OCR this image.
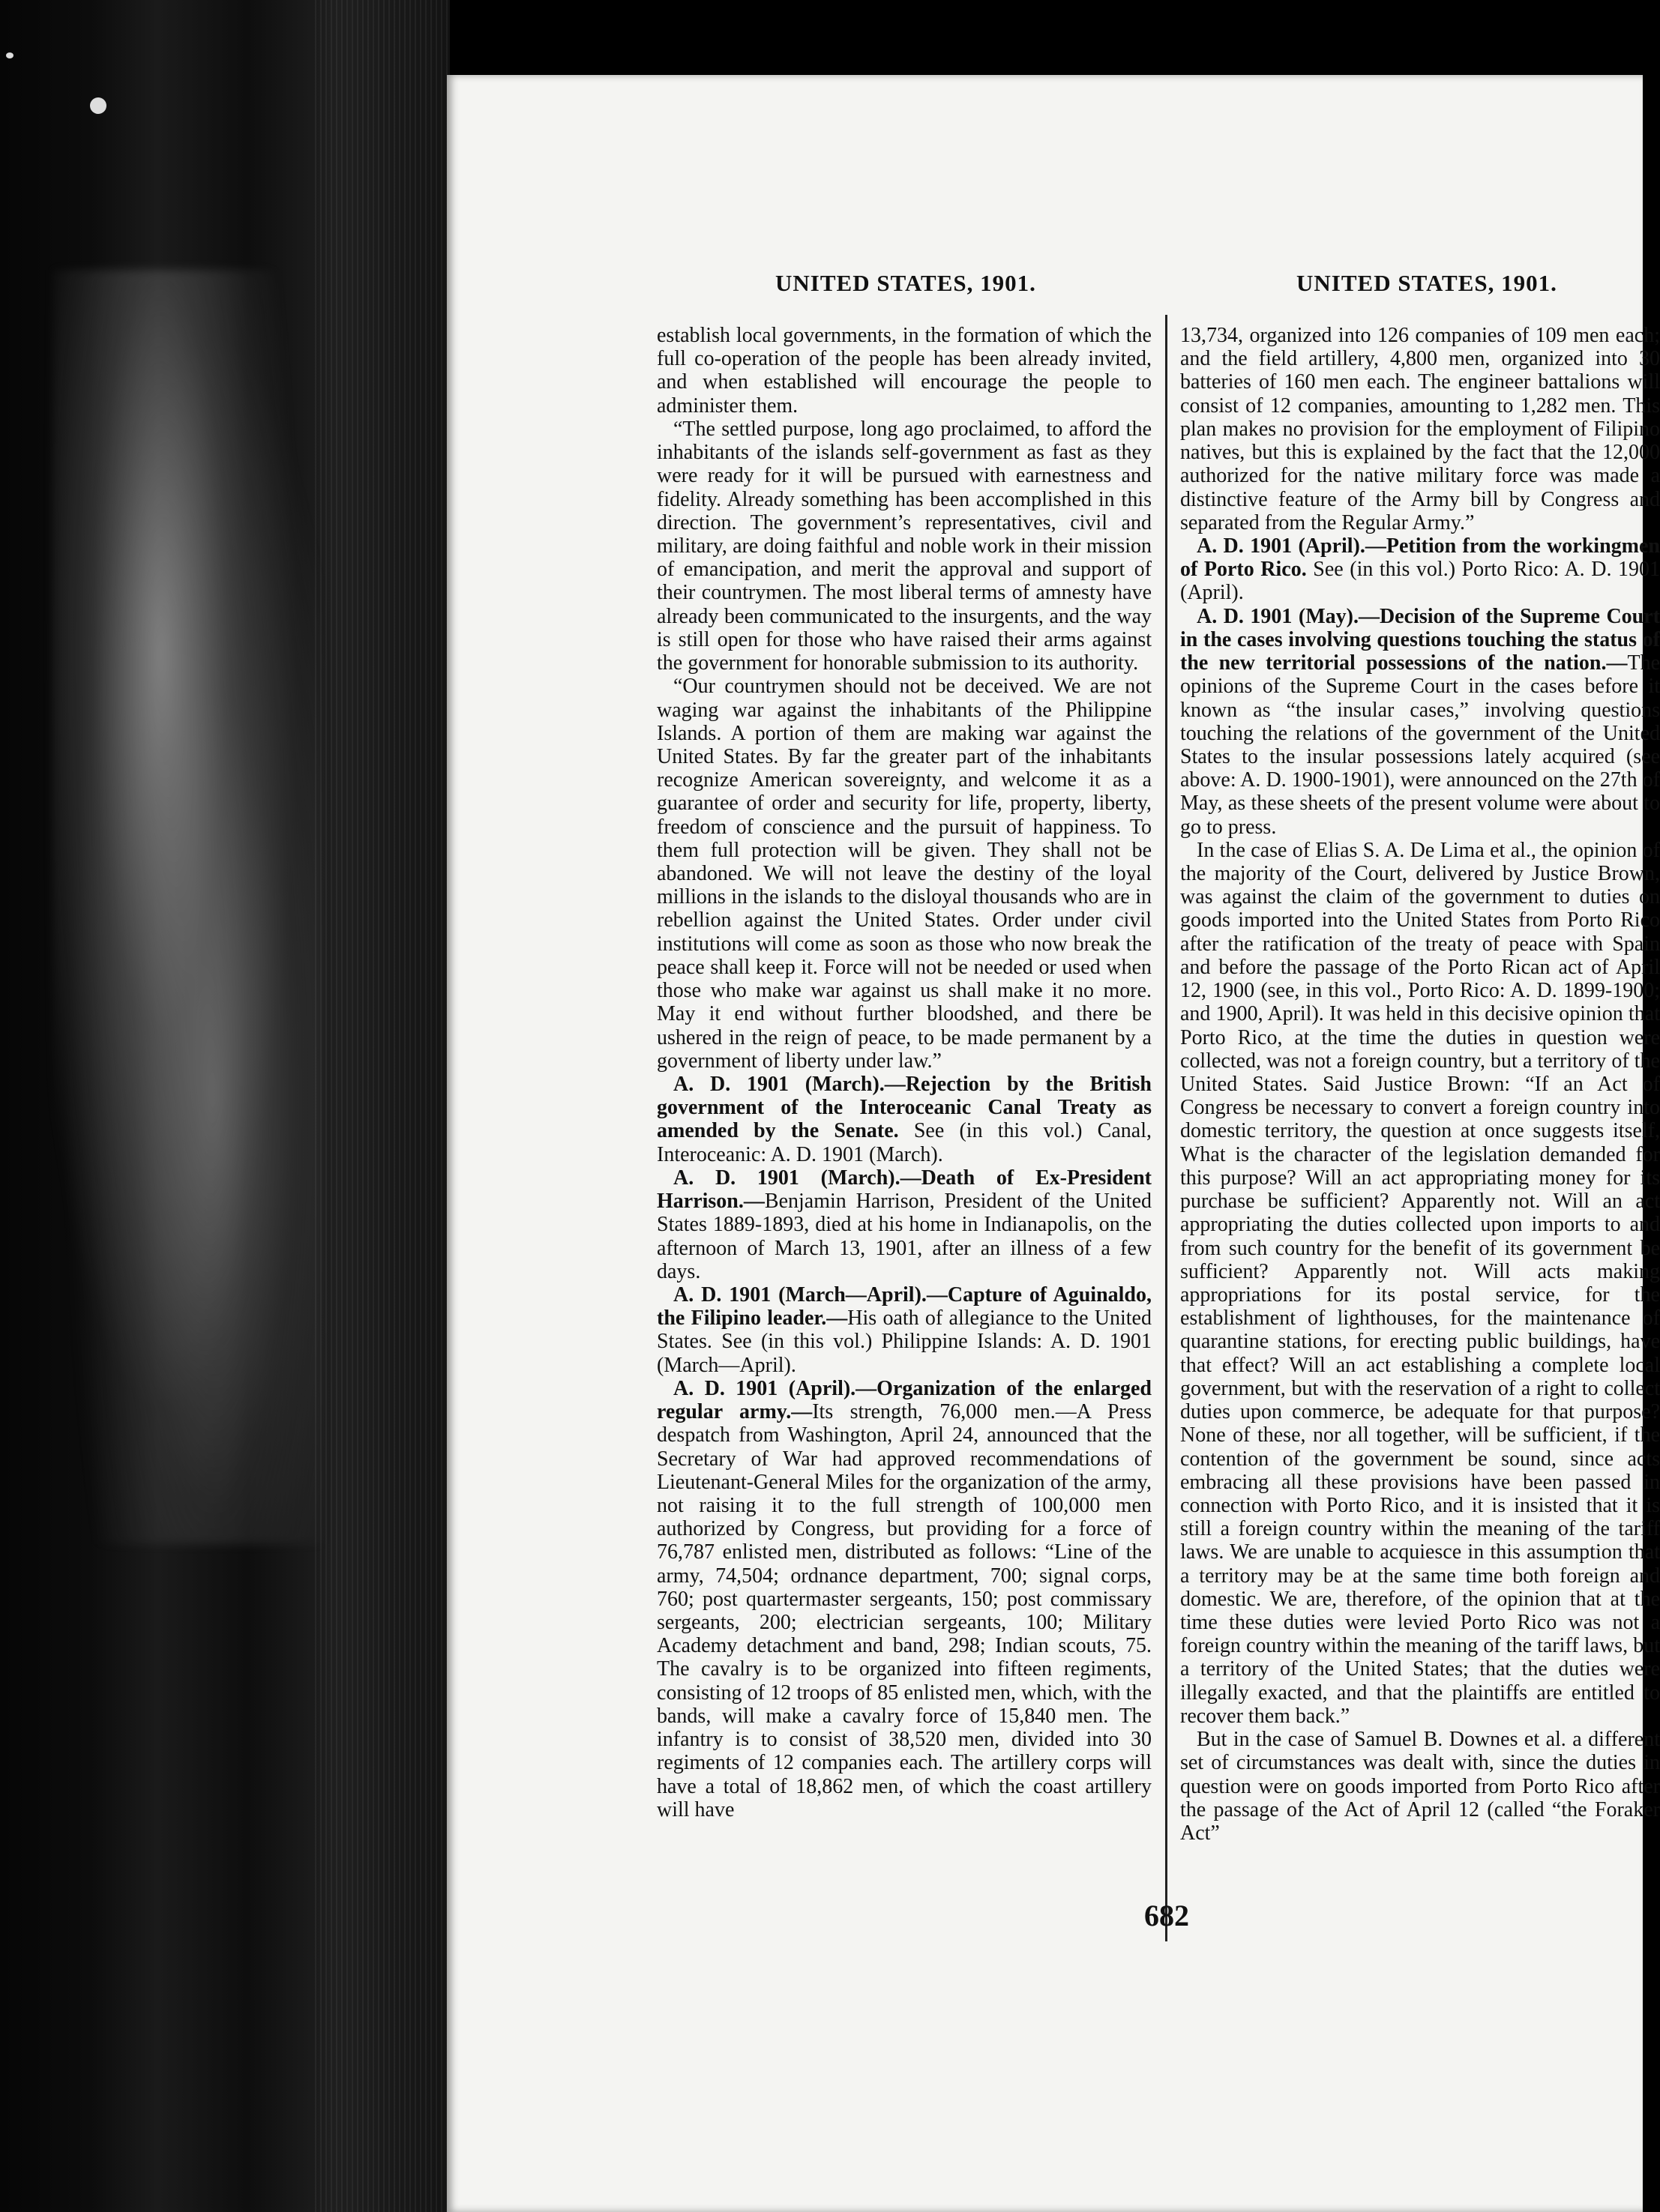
UNITED STATES, 1901.	UNITED STATES, 1901.

establish local governments, in the formation of which the full co-operation of the people has been already invited, and when established will encourage the people to administer them.

“The settled purpose, long ago proclaimed, to afford the inhabitants of the islands self-government as fast as they were ready for it will be pursued with earnestness and fidelity. Already something has been accomplished in this direction. The government’s representatives, civil and military, are doing faithful and noble work in their mission of emancipation, and merit the approval and support of their countrymen. The most liberal terms of amnesty have already been communicated to the insurgents, and the way is still open for those who have raised their arms against the government for honorable submission to its authority.

“Our countrymen should not be deceived. We are not waging war against the inhabitants of the Philippine Islands. A portion of them are making war against the United States. By far the greater part of the inhabitants recognize American sovereignty, and welcome it as a guarantee of order and security for life, property, liberty, freedom of conscience and the pursuit of happiness. To them full protection will be given. They shall not be abandoned. We will not leave the destiny of the loyal millions in the islands to the disloyal thousands who are in rebellion against the United States. Order under civil institutions will come as soon as those who now break the peace shall keep it. Force will not be needed or used when those who make war against us shall make it no more. May it end without further bloodshed, and there be ushered in the reign of peace, to be made permanent by a government of liberty under law.”

A. D. 1901 (March).—Rejection by the British government of the Interoceanic Canal Treaty as amended by the Senate. See (in this vol.) Canal, Interoceanic: A. D. 1901 (March).

A. D. 1901 (March).—Death of Ex-President Harrison.—Benjamin Harrison, President of the United States 1889-1893, died at his home in Indianapolis, on the afternoon of March 13, 1901, after an illness of a few days.

A. D. 1901 (March—April).—Capture of Aguinaldo, the Filipino leader.—His oath of allegiance to the United States. See (in this vol.) Philippine Islands: A. D. 1901 (March—April).

A. D. 1901 (April).—Organization of the enlarged regular army.—Its strength, 76,000 men.—A Press despatch from Washington, April 24, announced that the Secretary of War had approved recommendations of Lieutenant-General Miles for the organization of the army, not raising it to the full strength of 100,000 men authorized by Congress, but providing for a force of 76,787 enlisted men, distributed as follows: “Line of the army, 74,504; ordnance department, 700; signal corps, 760; post quartermaster sergeants, 150; post commissary sergeants, 200; electrician sergeants, 100; Military Academy detachment and band, 298; Indian scouts, 75. The cavalry is to be organized into fifteen regiments, consisting of 12 troops of 85 enlisted men, which, with the bands, will make a cavalry force of 15,840 men. The infantry is to consist of 38,520 men, divided into 30 regiments of 12 companies each. The artillery corps will have a total of 18,862 men, of which the coast artillery will have

13,734, organized into 126 companies of 109 men each; and the field artillery, 4,800 men, organized into 30 batteries of 160 men each. The engineer battalions will consist of 12 companies, amounting to 1,282 men. This plan makes no provision for the employment of Filipino natives, but this is explained by the fact that the 12,000 authorized for the native military force was made a distinctive feature of the Army bill by Congress and separated from the Regular Army.”

A. D. 1901 (April).—Petition from the workingmen of Porto Rico. See (in this vol.) Porto Rico: A. D. 1901 (April).

A. D. 1901 (May).—Decision of the Supreme Court in the cases involving questions touching the status of the new territorial possessions of the nation.—The opinions of the Supreme Court in the cases before it known as “the insular cases,” involving questions touching the relations of the government of the United States to the insular possessions lately acquired (see above: A. D. 1900-1901), were announced on the 27th of May, as these sheets of the present volume were about to go to press.

In the case of Elias S. A. De Lima et al., the opinion of the majority of the Court, delivered by Justice Brown, was against the claim of the government to duties on goods imported into the United States from Porto Rico after the ratification of the treaty of peace with Spain and before the passage of the Porto Rican act of April 12, 1900 (see, in this vol., Porto Rico: A. D. 1899-1900; and 1900, April). It was held in this decisive opinion that Porto Rico, at the time the duties in question were collected, was not a foreign country, but a territory of the United States. Said Justice Brown: “If an Act of Congress be necessary to convert a foreign country into domestic territory, the question at once suggests itself, What is the character of the legislation demanded for this purpose? Will an act appropriating money for its purchase be sufficient? Apparently not. Will an act appropriating the duties collected upon imports to and from such country for the benefit of its government be sufficient? Apparently not. Will acts making appropriations for its postal service, for the establishment of lighthouses, for the maintenance of quarantine stations, for erecting public buildings, have that effect? Will an act establishing a complete local government, but with the reservation of a right to collect duties upon commerce, be adequate for that purpose? None of these, nor all together, will be sufficient, if the contention of the government be sound, since acts embracing all these provisions have been passed in connection with Porto Rico, and it is insisted that it is still a foreign country within the meaning of the tariff laws. We are unable to acquiesce in this assumption that a territory may be at the same time both foreign and domestic. We are, therefore, of the opinion that at the time these duties were levied Porto Rico was not a foreign country within the meaning of the tariff laws, but a territory of the United States; that the duties were illegally exacted, and that the plaintiffs are entitled to recover them back.”

But in the case of Samuel B. Downes et al. a different set of circumstances was dealt with, since the duties in question were on goods imported from Porto Rico after the passage of the Act of April 12 (called “the Foraker Act”

682
